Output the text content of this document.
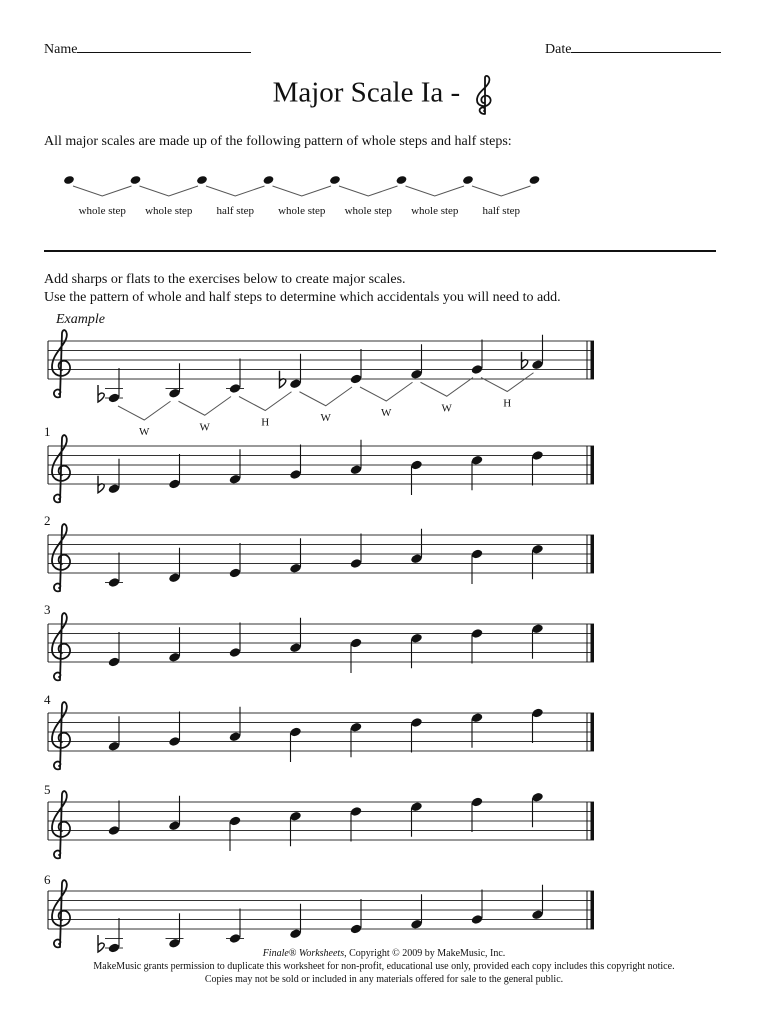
Name	Date
Major Scale Ia -
All major scales are made up of the following pattern of whole steps and half steps:
whole step whole step half step whole step whole step whole step half step
Add sharps or flats to the exercises below to create major scales.
Use the pattern of whole and half steps to determine which accidentals you will need to add.
Example
W	W	H	W	W	W	H
1
2
3
4
5
6
Finale® Worksheets, Copyright © 2009 by MakeMusic, Inc.
MakeMusic grants permission to duplicate this worksheet for non-profit, educational use only, provided each copy includes this copyright notice.
Copies may not be sold or included in any materials offered for sale to the general public.
